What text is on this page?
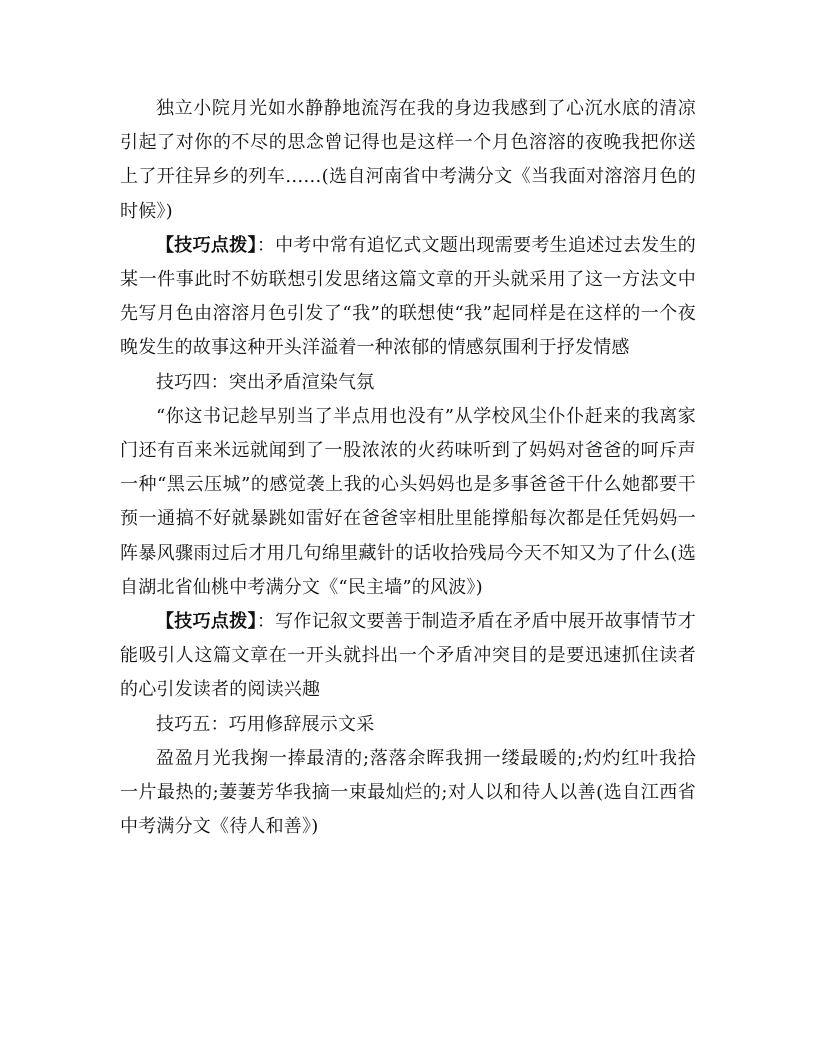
独立小院月光如水静静地流泻在我的身边我感到了心沉水底的清凉引起了对你的不尽的思念曾记得也是这样一个月色溶溶的夜晚我把你送上了开往异乡的列车……(选自河南省中考满分文《当我面对溶溶月色的时候》)

【技巧点拨】：中考中常有追忆式文题出现需要考生追述过去发生的某一件事此时不妨联想引发思绪这篇文章的开头就采用了这一方法文中先写月色由溶溶月色引发了“我”的联想使“我”起同样是在这样的一个夜晚发生的故事这种开头洋溢着一种浓郁的情感氛围利于抒发情感

技巧四：突出矛盾渲染气氛

“你这书记趁早别当了半点用也没有”从学校风尘仆仆赶来的我离家门还有百来米远就闻到了一股浓浓的火药味听到了妈妈对爸爸的呵斥声一种“黑云压城”的感觉袭上我的心头妈妈也是多事爸爸干什么她都要干预一通搞不好就暴跳如雷好在爸爸宰相肚里能撑船每次都是任凭妈妈一阵暴风骤雨过后才用几句绵里藏针的话收拾残局今天不知又为了什么(选自湖北省仙桃中考满分文《“民主墙”的风波》)

【技巧点拨】：写作记叙文要善于制造矛盾在矛盾中展开故事情节才能吸引人这篇文章在一开头就抖出一个矛盾冲突目的是要迅速抓住读者的心引发读者的阅读兴趣

技巧五：巧用修辞展示文采

盈盈月光我掬一捧最清的;落落余晖我拥一缕最暖的;灼灼红叶我拾一片最热的;萋萋芳华我摘一束最灿烂的;对人以和待人以善(选自江西省中考满分文《待人和善》)
